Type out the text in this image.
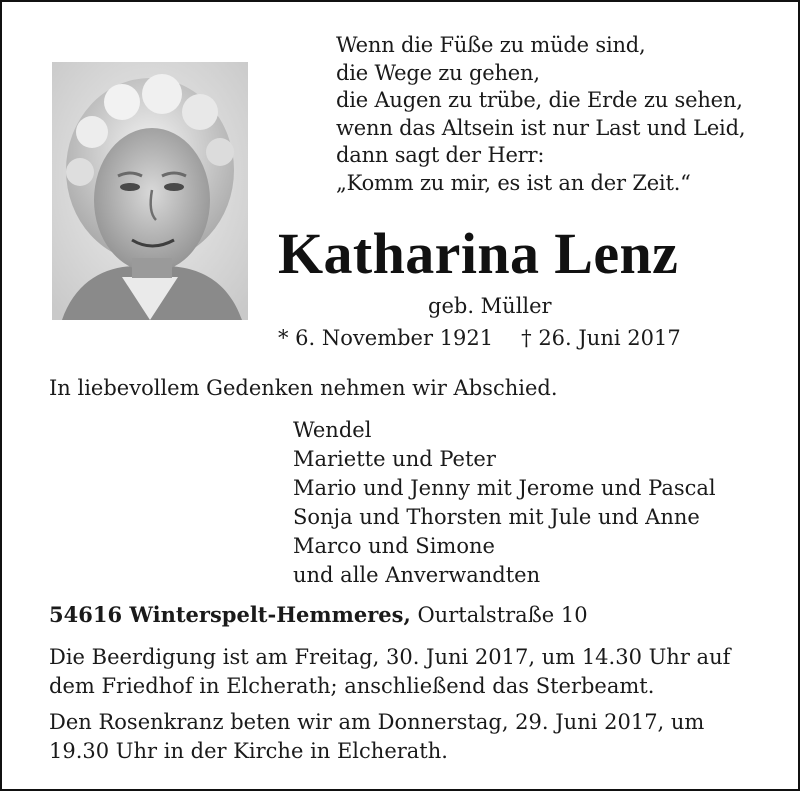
Wenn die Füße zu müde sind,
die Wege zu gehen,
die Augen zu trübe, die Erde zu sehen,
wenn das Altsein ist nur Last und Leid,
dann sagt der Herr:
„Komm zu mir, es ist an der Zeit.“
Katharina Lenz
geb. Müller
* 6. November 1921 † 26. Juni 2017
In liebevollem Gedenken nehmen wir Abschied.
Wendel
Mariette und Peter
Mario und Jenny mit Jerome und Pascal
Sonja und Thorsten mit Jule und Anne
Marco und Simone
und alle Anverwandten
54616 Winterspelt-Hemmeres, Ourtalstraße 10
Die Beerdigung ist am Freitag, 30. Juni 2017, um 14.30 Uhr auf
dem Friedhof in Elcherath; anschließend das Sterbeamt.
Den Rosenkranz beten wir am Donnerstag, 29. Juni 2017, um
19.30 Uhr in der Kirche in Elcherath.
